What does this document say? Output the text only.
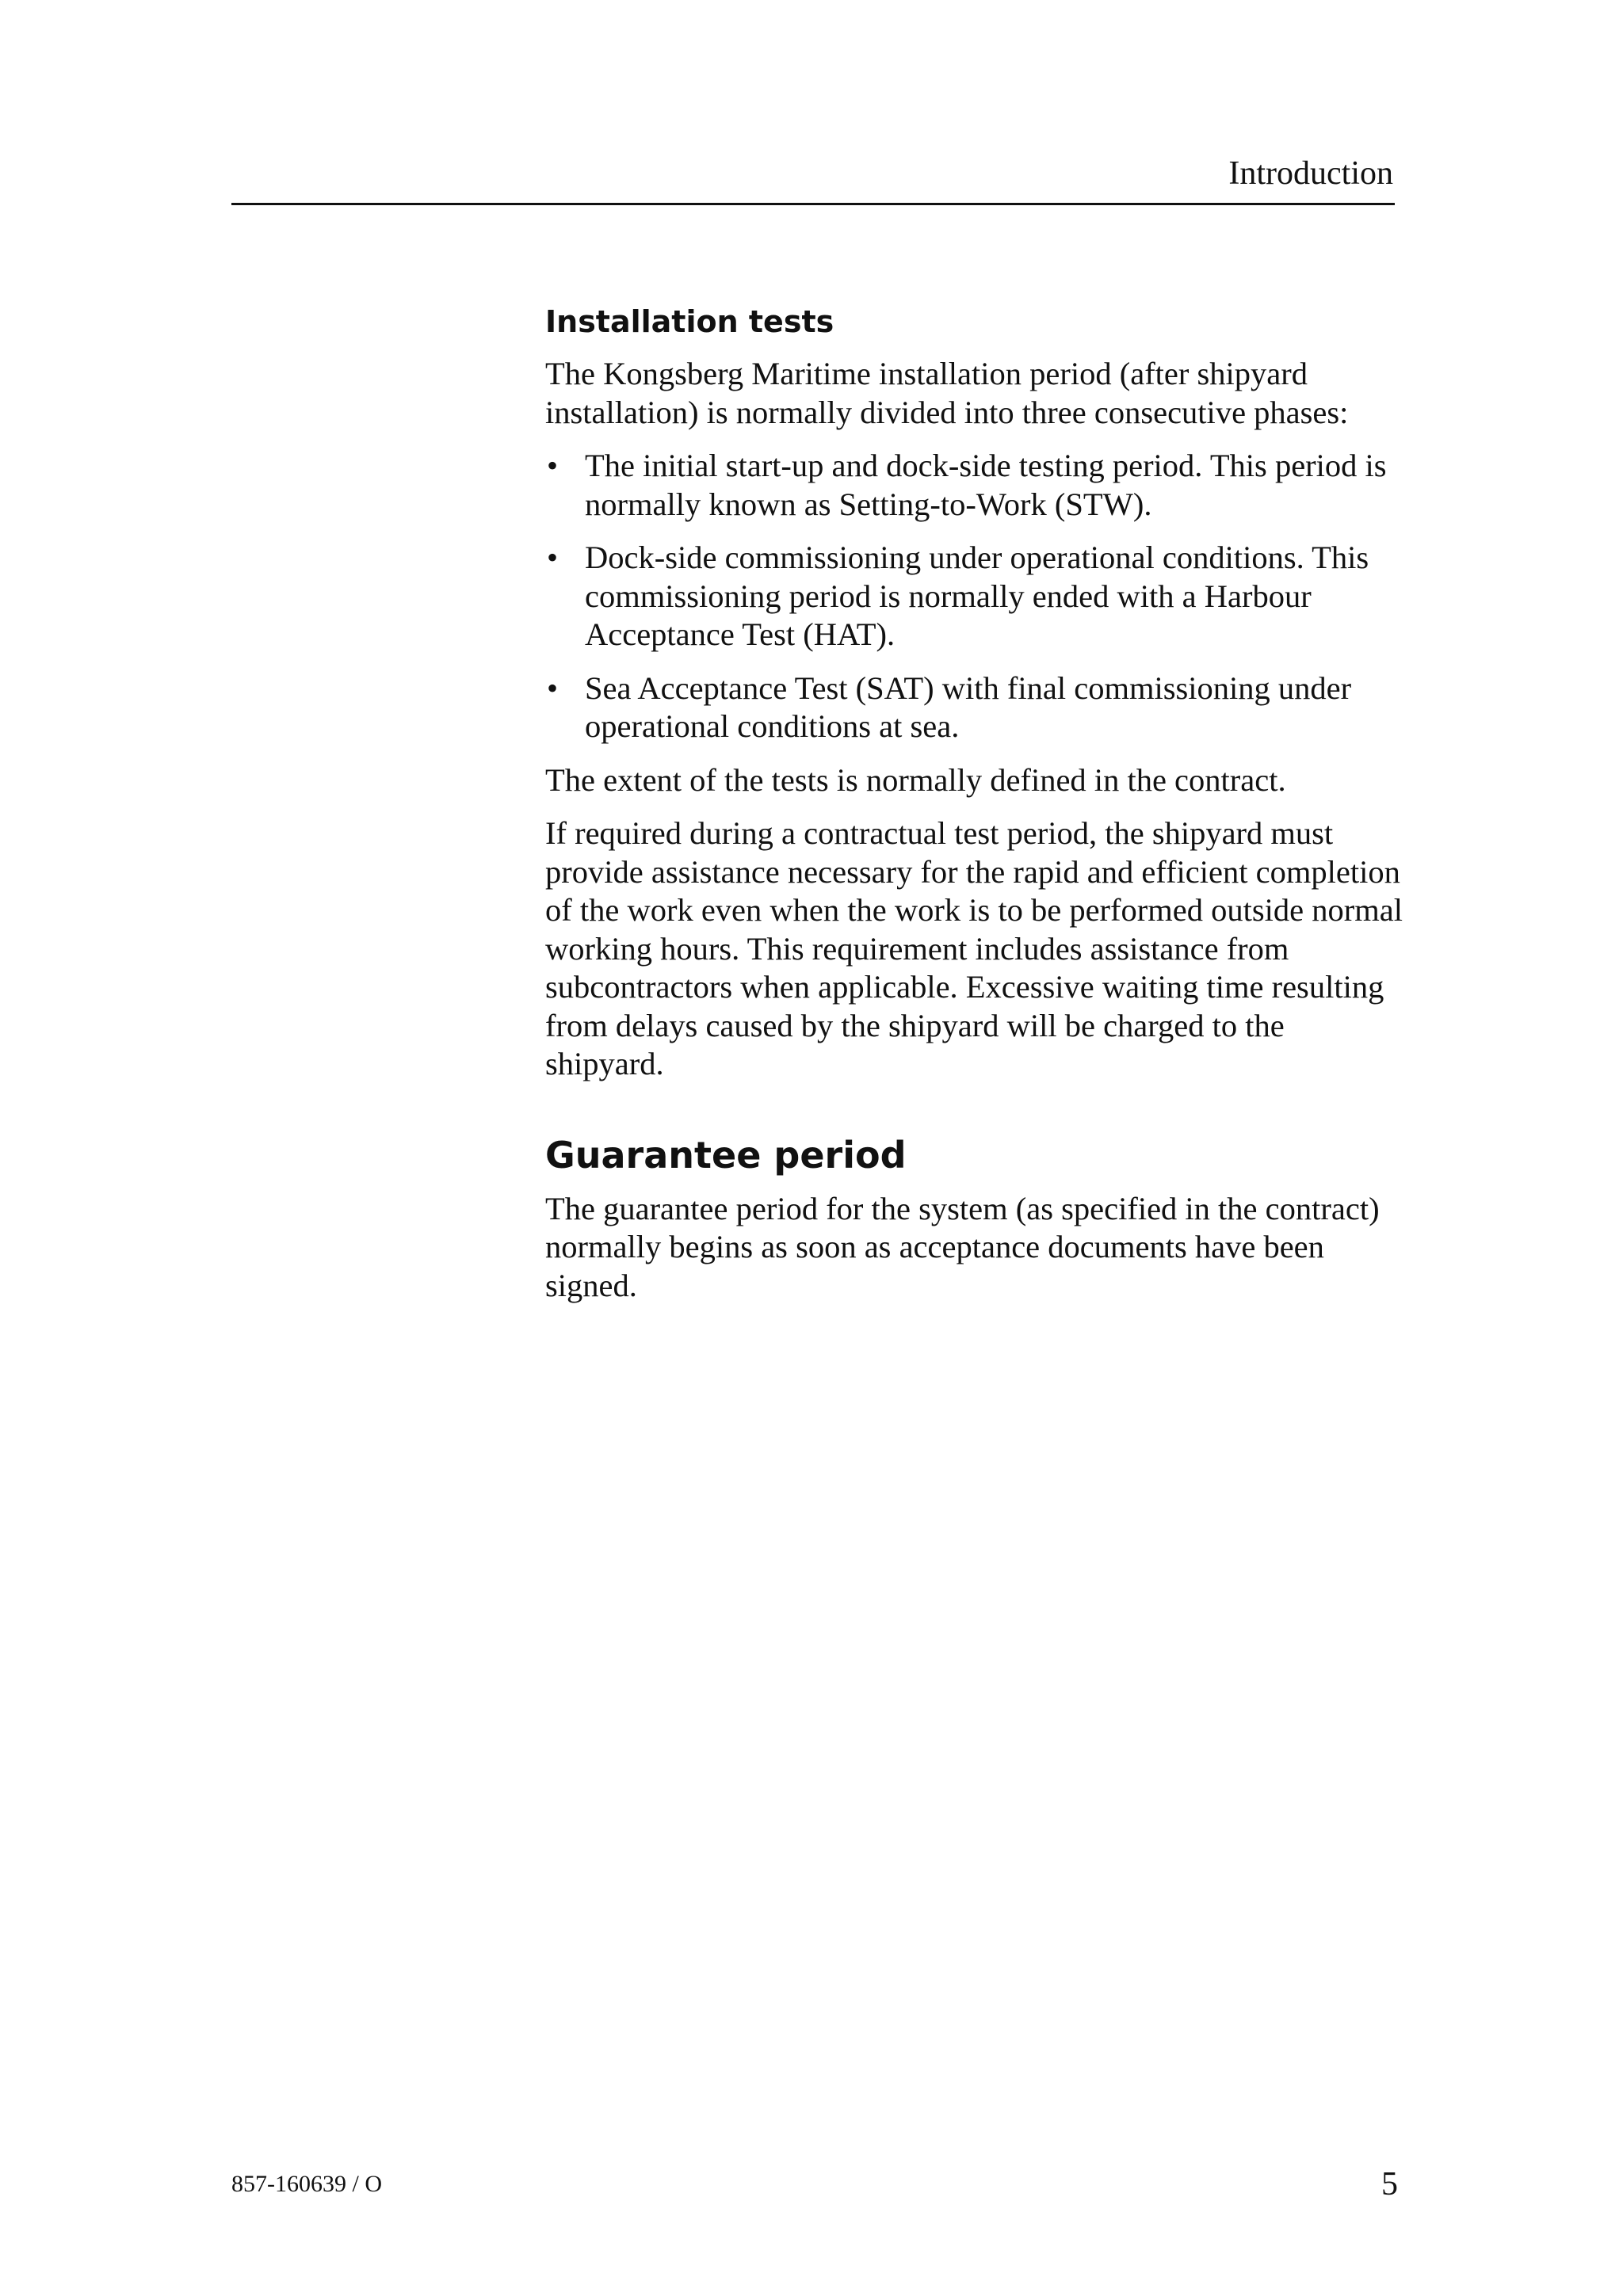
Introduction
Installation tests

The Kongsberg Maritime installation period (after shipyard installation) is normally divided into three consecutive phases:

• The initial start-up and dock-side testing period. This period is normally known as Setting-to-Work (STW).
• Dock-side commissioning under operational conditions. This commissioning period is normally ended with a Harbour Acceptance Test (HAT).
• Sea Acceptance Test (SAT) with final commissioning under operational conditions at sea.

The extent of the tests is normally defined in the contract.

If required during a contractual test period, the shipyard must provide assistance necessary for the rapid and efficient completion of the work even when the work is to be performed outside normal working hours. This requirement includes assistance from subcontractors when applicable. Excessive waiting time resulting from delays caused by the shipyard will be charged to the shipyard.

Guarantee period

The guarantee period for the system (as specified in the contract) normally begins as soon as acceptance documents have been signed.

857-160639 / O	5
